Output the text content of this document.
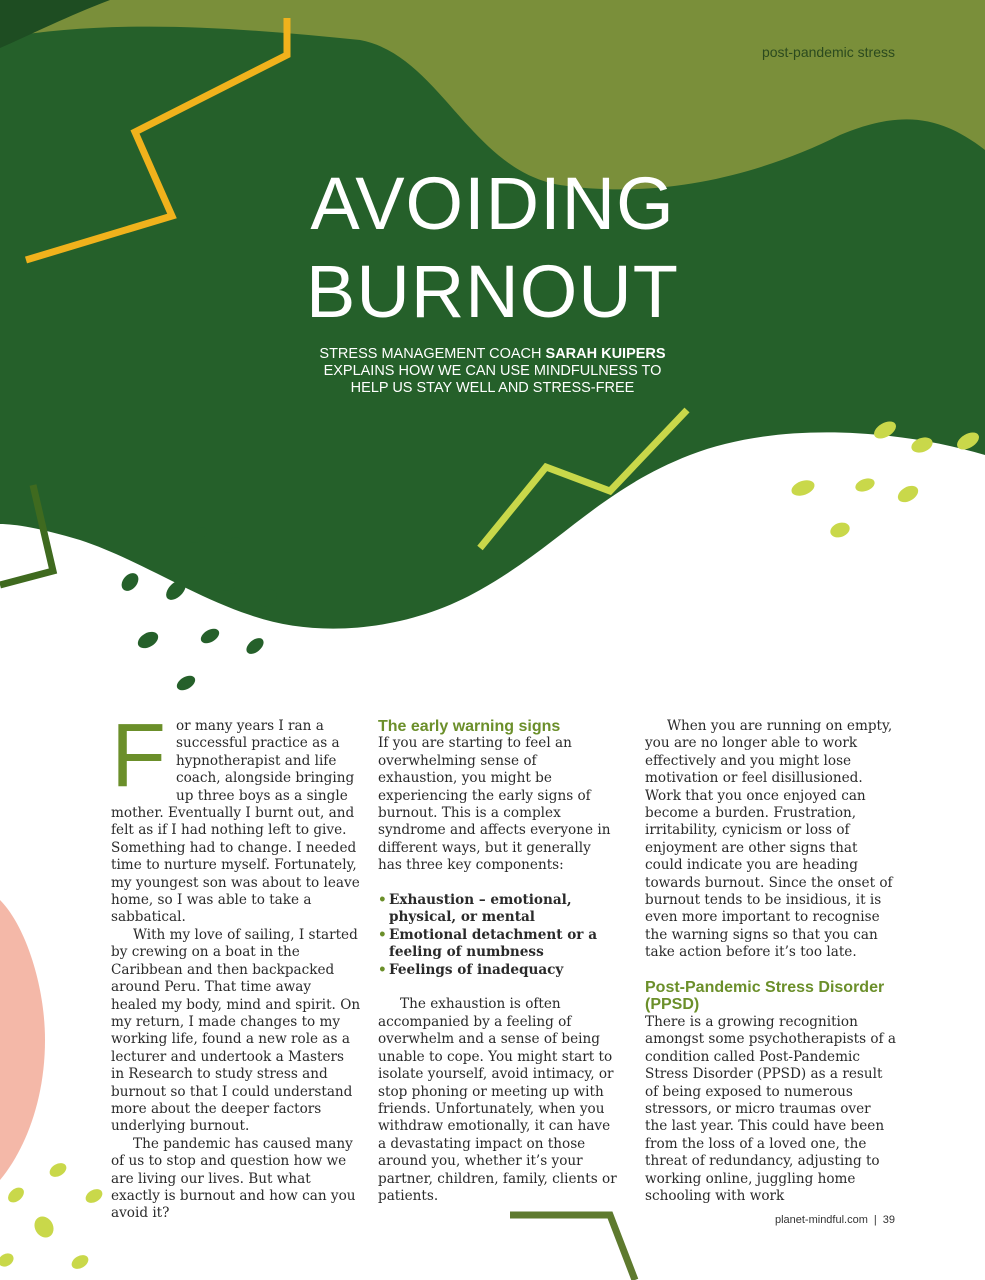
post-pandemic stress
AVOIDING
BURNOUT
STRESS MANAGEMENT COACH SARAH KUIPERS
EXPLAINS HOW WE CAN USE MINDFULNESS TO
HELP US STAY WELL AND STRESS-FREE
F or many years I ran a successful practice as a hypnotherapist and life coach, alongside bringing up three boys as a single mother. Eventually I burnt out, and felt as if I had nothing left to give. Something had to change. I needed time to nurture myself. Fortunately, my youngest son was about to leave home, so I was able to take a sabbatical.

With my love of sailing, I started by crewing on a boat in the Caribbean and then backpacked around Peru. That time away healed my body, mind and spirit. On my return, I made changes to my working life, found a new role as a lecturer and undertook a Masters in Research to study stress and burnout so that I could understand more about the deeper factors underlying burnout.

The pandemic has caused many of us to stop and question how we are living our lives. But what exactly is burnout and how can you avoid it?

The early warning signs

If you are starting to feel an overwhelming sense of exhaustion, you might be experiencing the early signs of burnout. This is a complex syndrome and affects everyone in different ways, but it generally has three key components:

• Exhaustion – emotional, physical, or mental
• Emotional detachment or a feeling of numbness
• Feelings of inadequacy

The exhaustion is often accompanied by a feeling of overwhelm and a sense of being unable to cope. You might start to isolate yourself, avoid intimacy, or stop phoning or meeting up with friends. Unfortunately, when you withdraw emotionally, it can have a devastating impact on those around you, whether it’s your partner, children, family, clients or patients.

When you are running on empty, you are no longer able to work effectively and you might lose motivation or feel disillusioned. Work that you once enjoyed can become a burden. Frustration, irritability, cynicism or loss of enjoyment are other signs that could indicate you are heading towards burnout. Since the onset of burnout tends to be insidious, it is even more important to recognise the warning signs so that you can take action before it’s too late.

Post-Pandemic Stress Disorder (PPSD)

There is a growing recognition amongst some psychotherapists of a condition called Post-Pandemic Stress Disorder (PPSD) as a result of being exposed to numerous stressors, or micro traumas over the last year. This could have been from the loss of a loved one, the threat of redundancy, adjusting to working online, juggling home schooling with work

planet-mindful.com | 39
